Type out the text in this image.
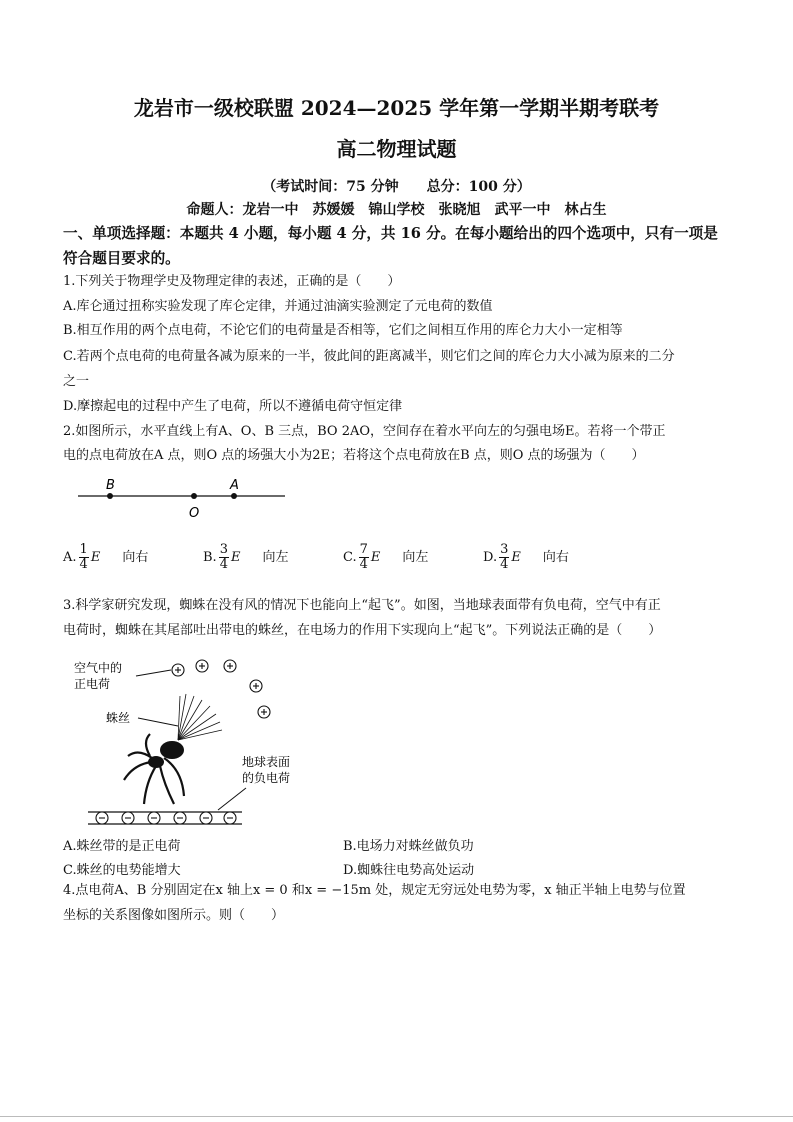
龙岩市一级校联盟 2024—2025 学年第一学期半期考联考
高二物理试题
（考试时间：75 分钟　　总分：100 分）
命题人：龙岩一中　苏媛媛　锦山学校　张晓旭　武平一中　林占生
一、单项选择题：本题共 4 小题，每小题 4 分，共 16 分。在每小题给出的四个选项中，只有一项是符合题目要求的。
1.下列关于物理学史及物理定律的表述，正确的是（　　）
A.库仑通过扭称实验发现了库仑定律，并通过油滴实验测定了元电荷的数值
B.相互作用的两个点电荷，不论它们的电荷量是否相等，它们之间相互作用的库仑力大小一定相等
C.若两个点电荷的电荷量各减为原来的一半，彼此间的距离减半，则它们之间的库仑力大小减为原来的二分
之一
D.摩擦起电的过程中产生了电荷，所以不遵循电荷守恒定律
2.如图所示，水平直线上有A、O、B 三点，BO 2AO，空间存在着水平向左的匀强电场E。若将一个带正
电的点电荷放在A 点，则O 点的场强大小为2E；若将这个点电荷放在B 点，则O 点的场强为（　　）
B
O
A
A. $\frac{1}{4}$ E 向右	B. $\frac{3}{4}$ E 向左	C. $\frac{7}{4}$ E 向左	D. $\frac{3}{4}$ E 向右
3.科学家研究发现，蜘蛛在没有风的情况下也能向上“起飞”。如图，当地球表面带有负电荷，空气中有正
电荷时，蜘蛛在其尾部吐出带电的蛛丝，在电场力的作用下实现向上“起飞”。下列说法正确的是（　　）
空气中的
正电荷
蛛丝
地球表面
的负电荷
A.蛛丝带的是正电荷	B.电场力对蛛丝做负功
C.蛛丝的电势能增大	D.蜘蛛往电势高处运动
4.点电荷A、B 分别固定在x 轴上x = 0 和x = −15m 处，规定无穷远处电势为零，x 轴正半轴上电势与位置
坐标的关系图像如图所示。则（　　）
